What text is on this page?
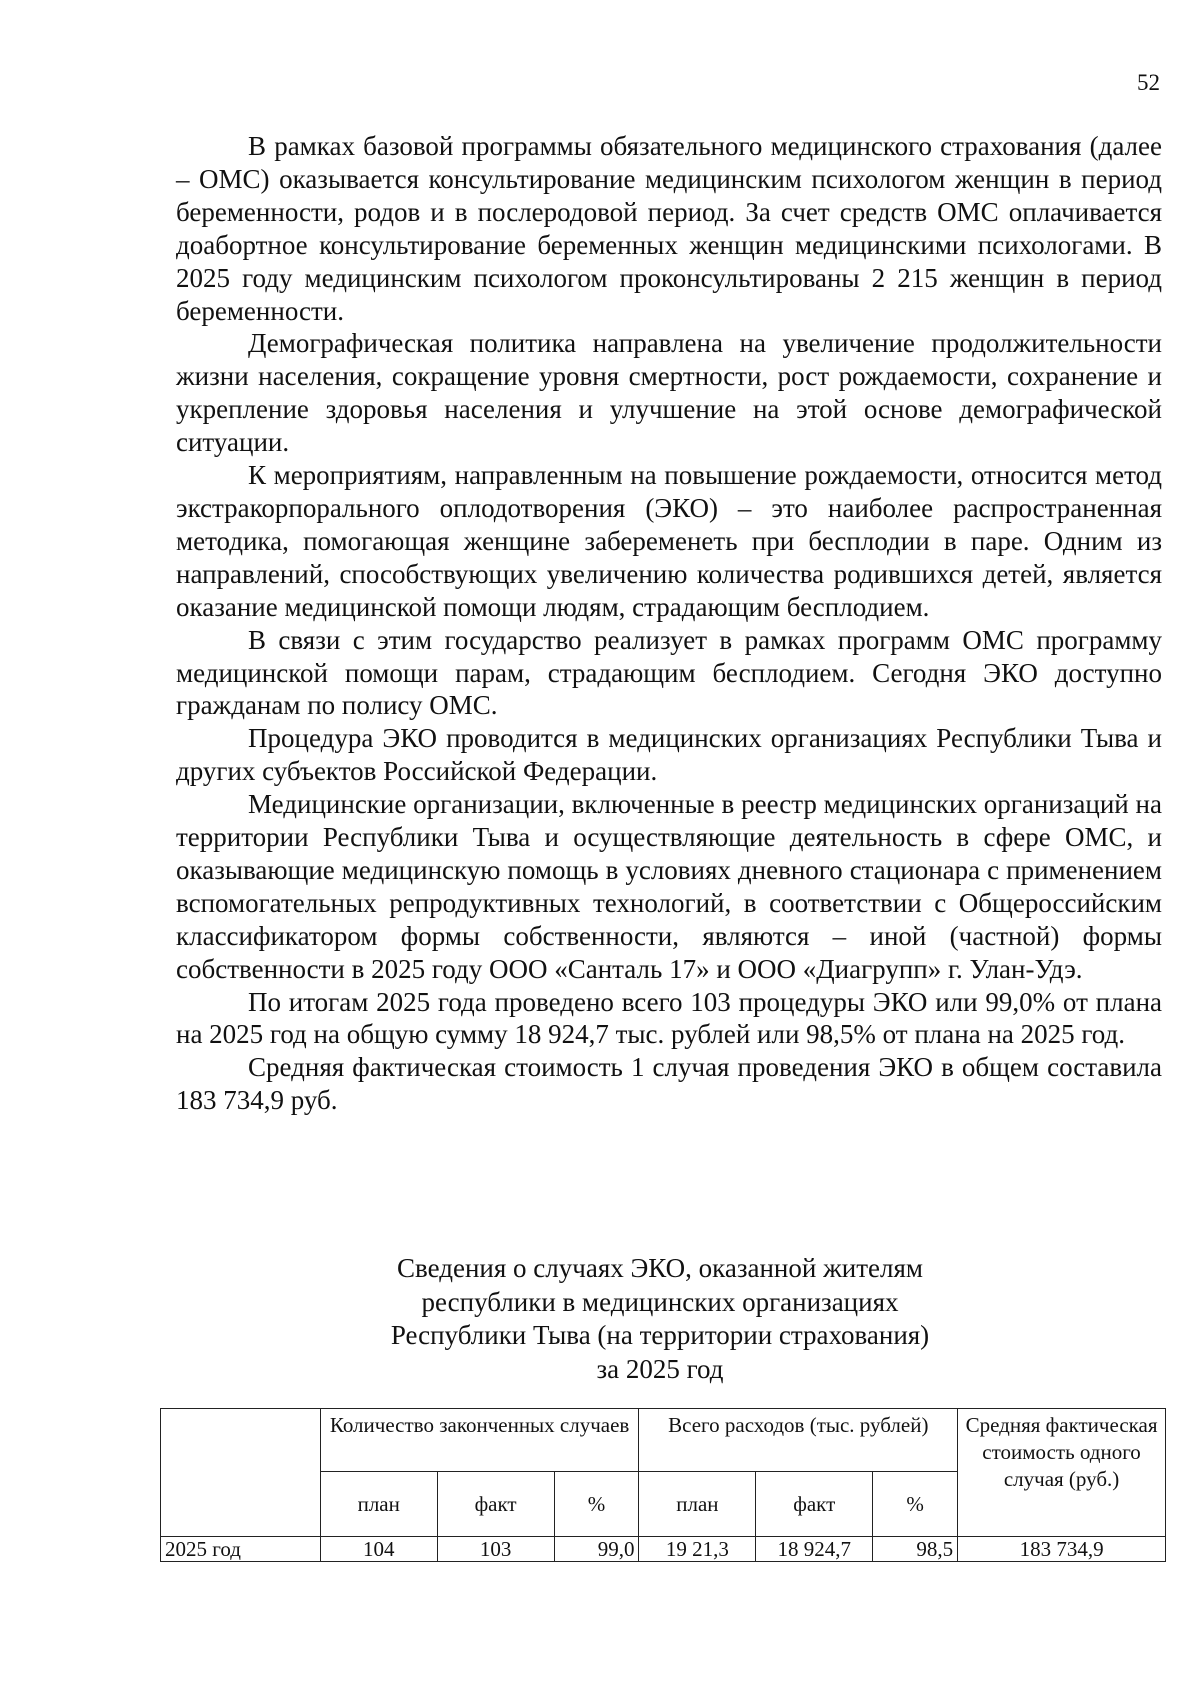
52

В рамках базовой программы обязательного медицинского страхования (далее – ОМС) оказывается консультирование медицинским психологом женщин в период беременности, родов и в послеродовой период. За счет средств ОМС оплачивается доабортное консультирование беременных женщин медицинскими психологами. В 2025 году медицинским психологом проконсультированы 2 215 женщин в период беременности.

Демографическая политика направлена на увеличение продолжительности жизни населения, сокращение уровня смертности, рост рождаемости, сохранение и укрепление здоровья населения и улучшение на этой основе демографической ситуации.

К мероприятиям, направленным на повышение рождаемости, относится метод экстракорпорального оплодотворения (ЭКО) – это наиболее распространенная методика, помогающая женщине забеременеть при бесплодии в паре. Одним из направлений, способствующих увеличению количества родившихся детей, является оказание медицинской помощи людям, страдающим бесплодием.

В связи с этим государство реализует в рамках программ ОМС программу медицинской помощи парам, страдающим бесплодием. Сегодня ЭКО доступно гражданам по полису ОМС.

Процедура ЭКО проводится в медицинских организациях Республики Тыва и других субъектов Российской Федерации.

Медицинские организации, включенные в реестр медицинских организаций на территории Республики Тыва и осуществляющие деятельность в сфере ОМС, и оказывающие медицинскую помощь в условиях дневного стационара с применением вспомогательных репродуктивных технологий, в соответствии с Общероссийским классификатором формы собственности, являются – иной (частной) формы собственности в 2025 году ООО «Санталь 17» и ООО «Диагрупп» г. Улан-Удэ.

По итогам 2025 года проведено всего 103 процедуры ЭКО или 99,0% от плана на 2025 год на общую сумму 18 924,7 тыс. рублей или 98,5% от плана на 2025 год.

Средняя фактическая стоимость 1 случая проведения ЭКО в общем составила 183 734,9 руб.

Сведения о случаях ЭКО, оказанной жителям
республики в медицинских организациях
Республики Тыва (на территории страхования)
за 2025 год
	Количество законченных случаев			Всего расходов (тыс. рублей)			Средняя фактическая стоимость одного случая (руб.)
	план	факт	%	план	факт	%	
2025 год	104	103	99,0	19 21,3	18 924,7	98,5	183 734,9
